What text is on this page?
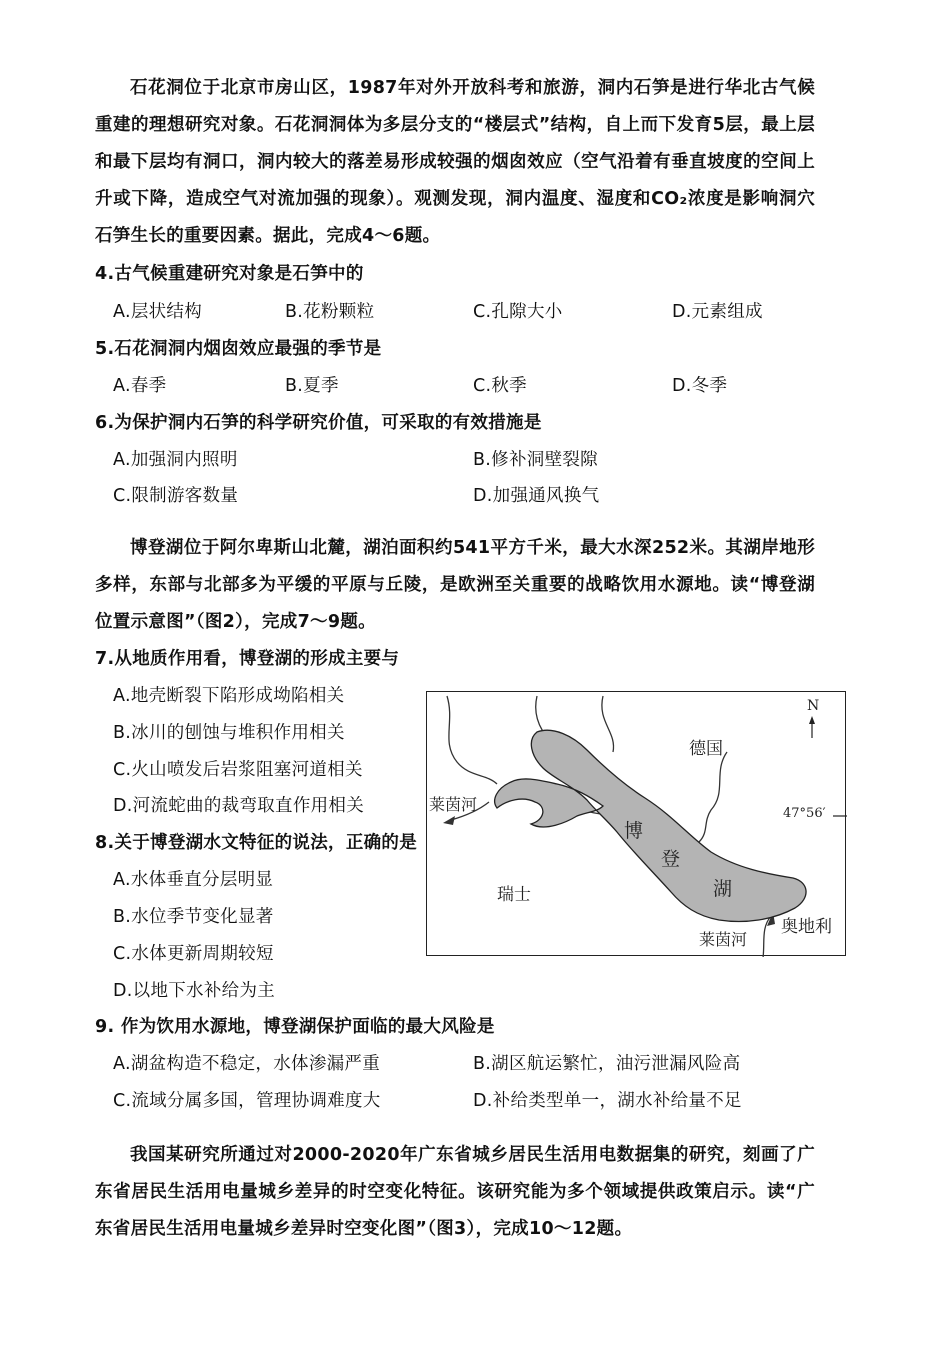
石花洞位于北京市房山区，1987年对外开放科考和旅游，洞内石笋是进行华北古气候重建的理想研究对象。石花洞洞体为多层分支的“楼层式”结构，自上而下发育5层，最上层和最下层均有洞口，洞内较大的落差易形成较强的烟囱效应（空气沿着有垂直坡度的空间上升或下降，造成空气对流加强的现象）。观测发现，洞内温度、湿度和CO₂浓度是影响洞穴石笋生长的重要因素。据此，完成4～6题。
4.古气候重建研究对象是石笋中的
A.层状结构	B.花粉颗粒	C.孔隙大小	D.元素组成
5.石花洞洞内烟囱效应最强的季节是
A.春季	B.夏季	C.秋季	D.冬季
6.为保护洞内石笋的科学研究价值，可采取的有效措施是
A.加强洞内照明	B.修补洞壁裂隙
C.限制游客数量	D.加强通风换气
博登湖位于阿尔卑斯山北麓，湖泊面积约541平方千米，最大水深252米。其湖岸地形多样，东部与北部多为平缓的平原与丘陵，是欧洲至关重要的战略饮用水源地。读“博登湖位置示意图”（图2），完成7～9题。
7.从地质作用看，博登湖的形成主要与
A.地壳断裂下陷形成坳陷相关
B.冰川的刨蚀与堆积作用相关
C.火山喷发后岩浆阻塞河道相关
D.河流蛇曲的裁弯取直作用相关
8.关于博登湖水文特征的说法，正确的是
A.水体垂直分层明显
B.水位季节变化显著
C.水体更新周期较短
D.以地下水补给为主
9. 作为饮用水源地，博登湖保护面临的最大风险是
A.湖盆构造不稳定，水体渗漏严重	B.湖区航运繁忙，油污泄漏风险高
C.流域分属多国，管理协调难度大	D.补给类型单一，湖水补给量不足
N
德国
瑞士
奥地利
莱茵河
莱茵河
47°56′
博
登
湖
我国某研究所通过对2000-2020年广东省城乡居民生活用电数据集的研究，刻画了广东省居民生活用电量城乡差异的时空变化特征。该研究能为多个领域提供政策启示。读“广东省居民生活用电量城乡差异时空变化图”（图3），完成10～12题。
